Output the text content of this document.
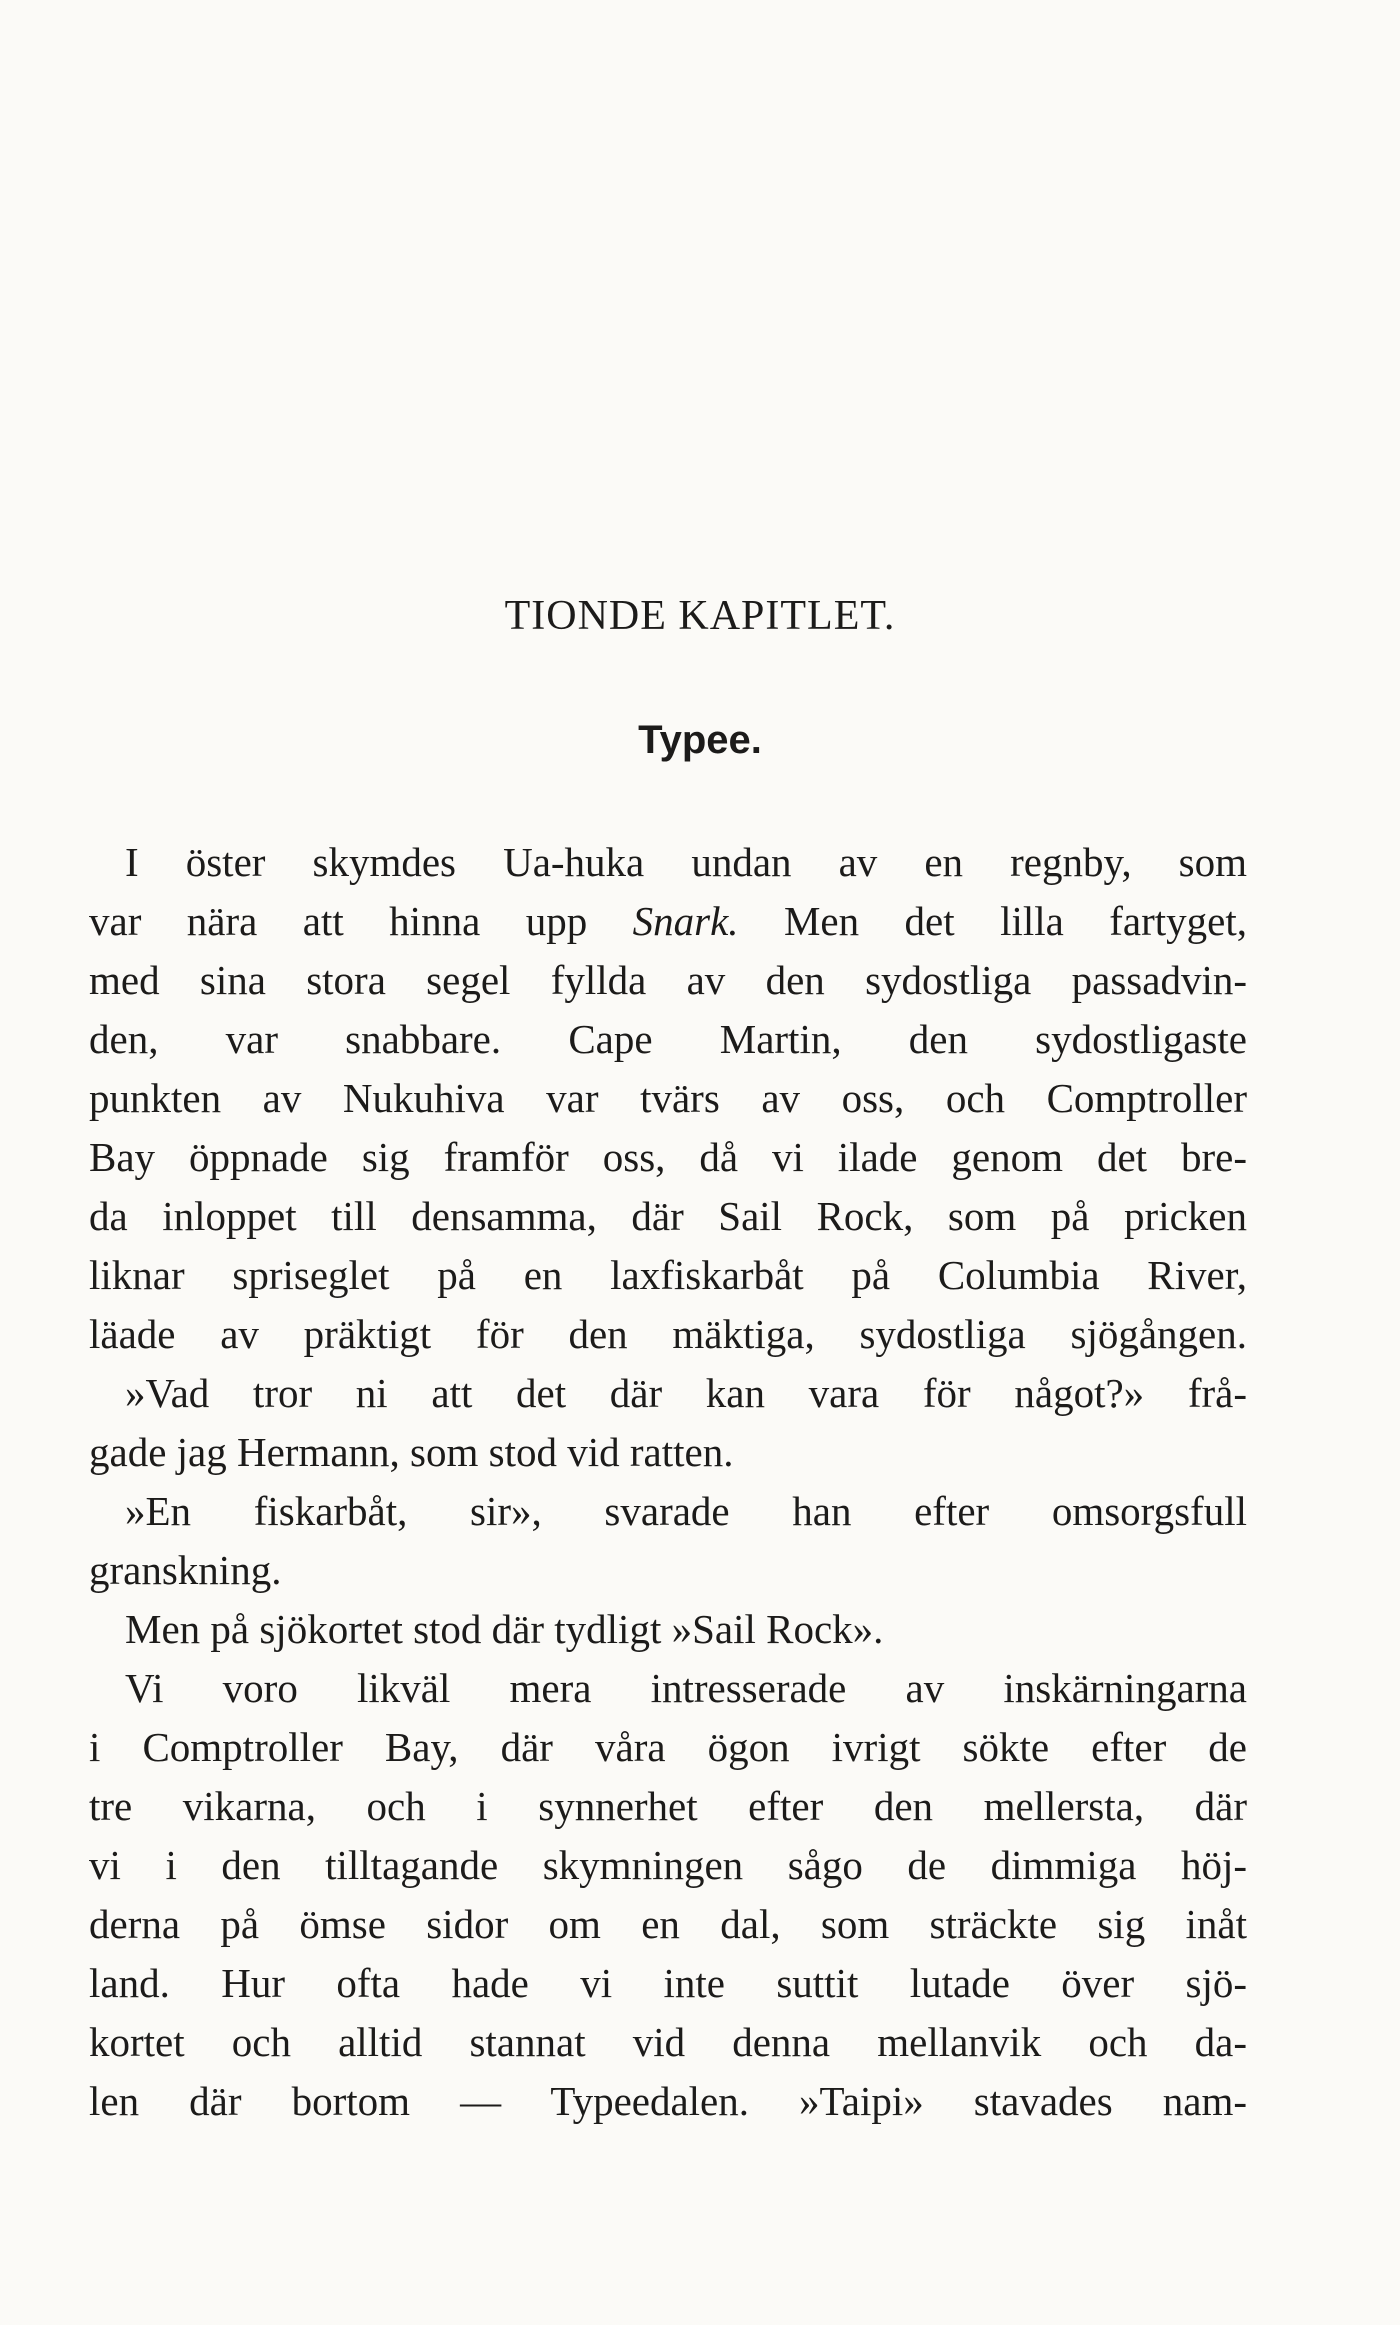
TIONDE KAPITLET.
Typee.
I öster skymdes Ua-huka undan av en regnby, som
var nära att hinna upp Snark. Men det lilla fartyget,
med sina stora segel fyllda av den sydostliga passadvin-
den, var snabbare. Cape Martin, den sydostligaste
punkten av Nukuhiva var tvärs av oss, och Comptroller
Bay öppnade sig framför oss, då vi ilade genom det bre-
da inloppet till densamma, där Sail Rock, som på pricken
liknar spriseglet på en laxfiskarbåt på Columbia River,
läade av präktigt för den mäktiga, sydostliga sjögången.
»Vad tror ni att det där kan vara för något?» frå-
gade jag Hermann, som stod vid ratten.
»En fiskarbåt, sir», svarade han efter omsorgsfull
granskning.
Men på sjökortet stod där tydligt »Sail Rock».
Vi voro likväl mera intresserade av inskärningarna
i Comptroller Bay, där våra ögon ivrigt sökte efter de
tre vikarna, och i synnerhet efter den mellersta, där
vi i den tilltagande skymningen sågo de dimmiga höj-
derna på ömse sidor om en dal, som sträckte sig inåt
land. Hur ofta hade vi inte suttit lutade över sjö-
kortet och alltid stannat vid denna mellanvik och da-
len där bortom — Typeedalen. »Taipi» stavades nam-
